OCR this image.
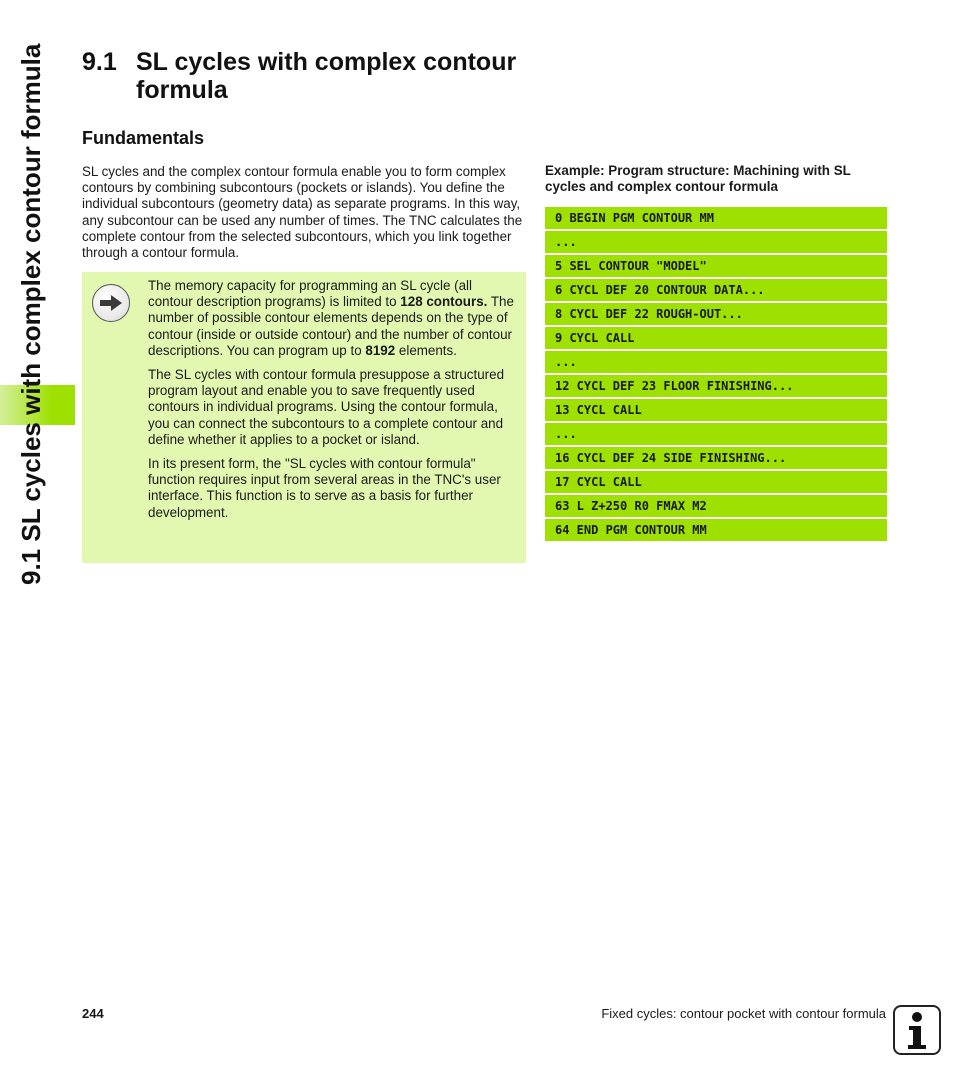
9.1 SL cycles with complex contour formula 9.1 SL cycles with complex contour
formula
Fundamentals

SL cycles and the complex contour formula enable you to form complex contours by combining subcontours (pockets or islands). You define the individual subcontours (geometry data) as separate programs. In this way, any subcontour can be used any number of times. The TNC calculates the complete contour from the selected subcontours, which you link together through a contour formula.

The memory capacity for programming an SL cycle (all contour description programs) is limited to 128 contours. The number of possible contour elements depends on the type of contour (inside or outside contour) and the number of contour descriptions. You can program up to 8192 elements.

The SL cycles with contour formula presuppose a structured program layout and enable you to save frequently used contours in individual programs. Using the contour formula, you can connect the subcontours to a complete contour and define whether it applies to a pocket or island.

In its present form, the "SL cycles with contour formula" function requires input from several areas in the TNC's user interface. This function is to serve as a basis for further development.

Example: Program structure: Machining with SL cycles and complex contour formula

0 BEGIN PGM CONTOUR MM
...
5 SEL CONTOUR "MODEL"
6 CYCL DEF 20 CONTOUR DATA...
8 CYCL DEF 22 ROUGH-OUT...
9 CYCL CALL
...
12 CYCL DEF 23 FLOOR FINISHING...
13 CYCL CALL
...
16 CYCL DEF 24 SIDE FINISHING...
17 CYCL CALL
63 L Z+250 R0 FMAX M2
64 END PGM CONTOUR MM
244	Fixed cycles: contour pocket with contour formula
